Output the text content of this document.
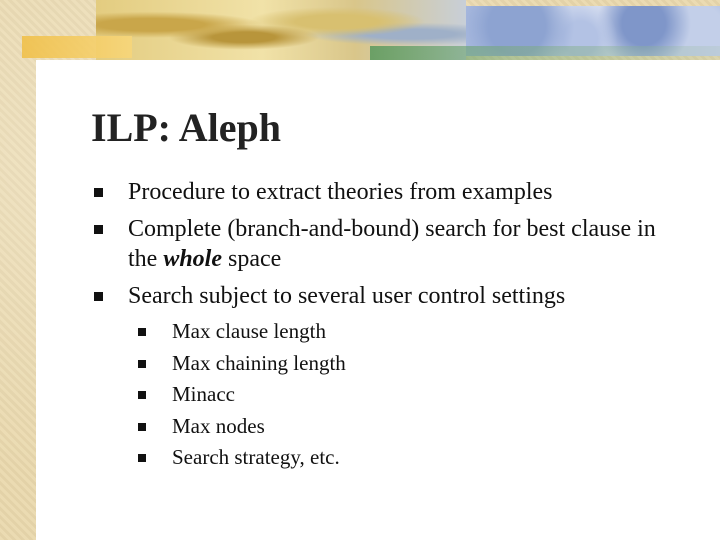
ILP: Aleph
Procedure to extract theories from examples
Complete (branch-and-bound) search for best clause in the whole space
Search subject to several user control settings
Max clause length
Max chaining length
Minacc
Max nodes
Search strategy, etc.
